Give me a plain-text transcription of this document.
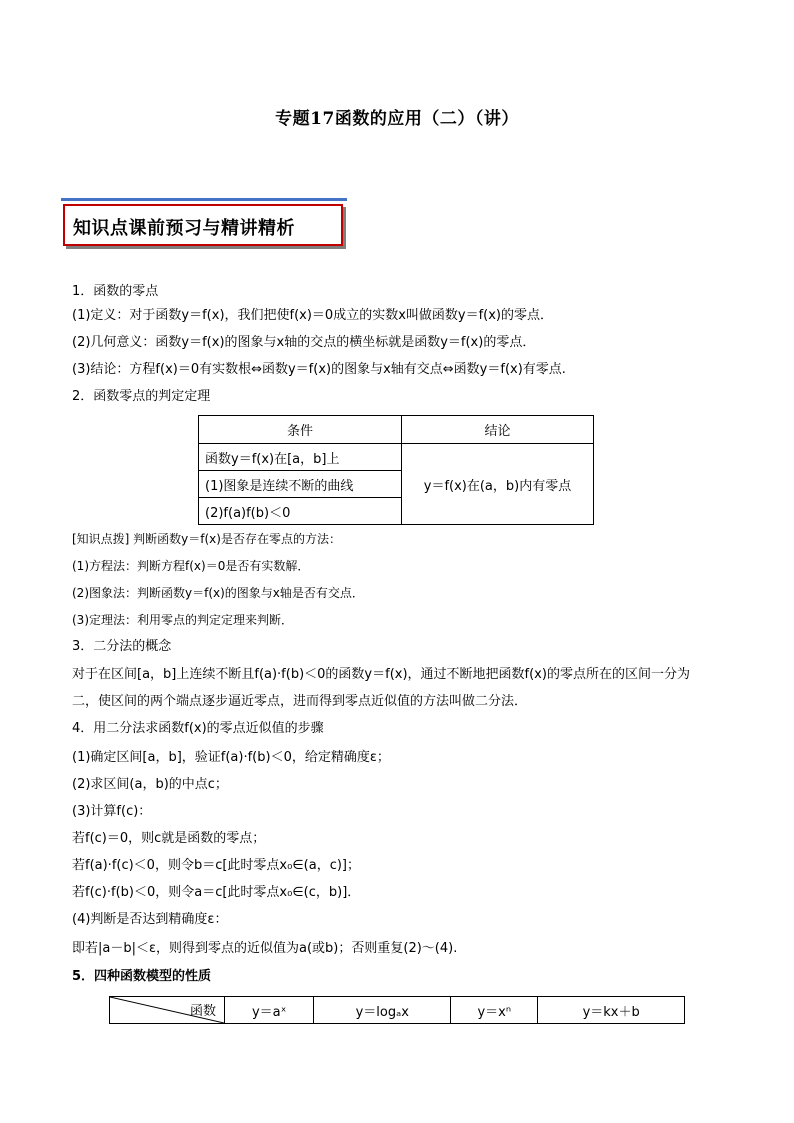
专题17函数的应用（二）（讲）
知识点课前预习与精讲精析
1．函数的零点
(1)定义：对于函数y＝f(x)，我们把使f(x)＝0成立的实数x叫做函数y＝f(x)的零点．
(2)几何意义：函数y＝f(x)的图象与x轴的交点的横坐标就是函数y＝f(x)的零点．
(3)结论：方程f(x)＝0有实数根⇔函数y＝f(x)的图象与x轴有交点⇔函数y＝f(x)有零点.
2．函数零点的判定定理
条件	结论
函数y＝f(x)在[a，b]上	y＝f(x)在(a，b)内有零点
(1)图象是连续不断的曲线	
(2)f(a)f(b)＜0	
[知识点拨] 判断函数y＝f(x)是否存在零点的方法：
(1)方程法：判断方程f(x)＝0是否有实数解．
(2)图象法：判断函数y＝f(x)的图象与x轴是否有交点．
(3)定理法：利用零点的判定定理来判断．
3．二分法的概念
对于在区间[a，b]上连续不断且f(a)·f(b)＜0的函数y＝f(x)，通过不断地把函数f(x)的零点所在的区间一分为
二，使区间的两个端点逐步逼近零点，进而得到零点近似值的方法叫做二分法．
4．用二分法求函数f(x)的零点近似值的步骤
(1)确定区间[a，b]，验证f(a)·f(b)＜0，给定精确度ε；
(2)求区间(a，b)的中点c；
(3)计算f(c)：
若f(c)＝0，则c就是函数的零点；
若f(a)·f(c)＜0，则令b＝c[此时零点x₀∈(a，c)]；
若f(c)·f(b)＜0，则令a＝c[此时零点x₀∈(c，b)]．
(4)判断是否达到精确度ε：
即若|a－b|＜ε，则得到零点的近似值为a(或b)；否则重复(2)～(4).
5．四种函数模型的性质
函数	y＝aˣ	y＝logₐx	y＝xⁿ	y＝kx＋b
